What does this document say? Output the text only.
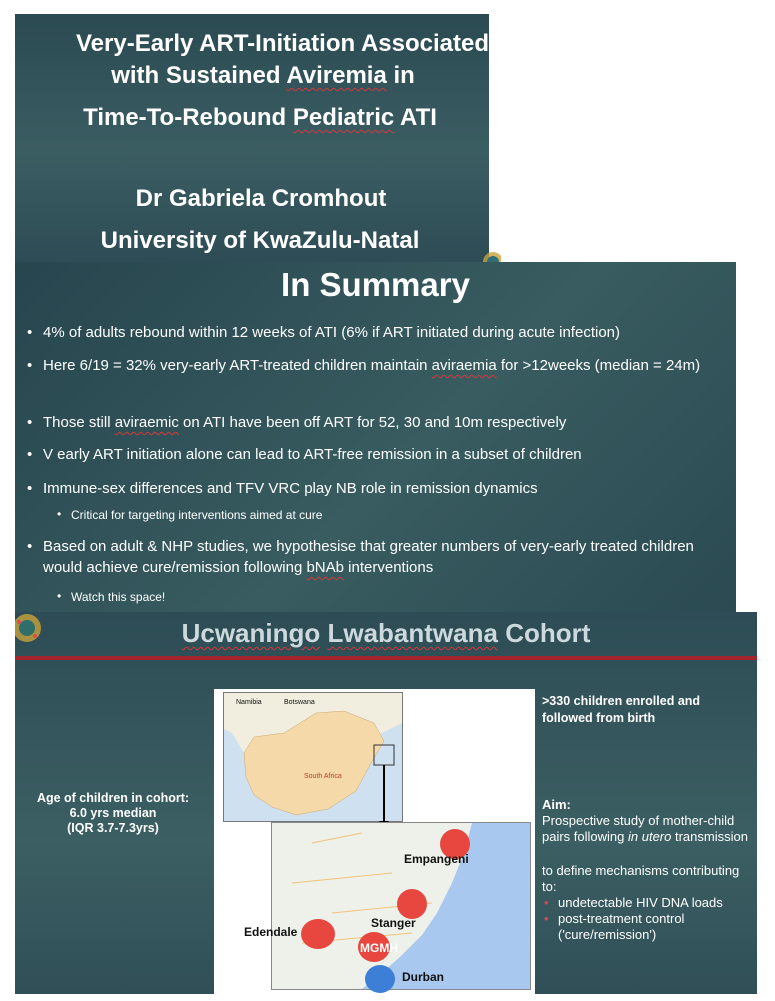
Very-Early ART-Initiation Associated
with Sustained Aviremia in
Time-To-Rebound Pediatric ATI
Dr Gabriela Cromhout
University of KwaZulu-Natal
In Summary
• 4% of adults rebound within 12 weeks of ATI (6% if ART initiated during acute infection)
• Here 6/19 = 32% very-early ART-treated children maintain aviraemia for >12weeks (median = 24m)
• Those still aviraemic on ATI have been off ART for 52, 30 and 10m respectively
• V early ART initiation alone can lead to ART-free remission in a subset of children
• Immune-sex differences and TFV VRC play NB role in remission dynamics
• Critical for targeting interventions aimed at cure
• Based on adult & NHP studies, we hypothesise that greater numbers of very-early treated children would achieve cure/remission following bNAb interventions
• Watch this space!
Ucwaningo Lwabantwana Cohort
Age of children in cohort:
6.0 yrs median
(IQR 3.7-7.3yrs)
Namibia	Botswana
South Africa
Empangeni
Stanger
Edendale
MGMH
Durban
>330 children enrolled and followed from birth
Aim:
Prospective study of mother-child pairs following in utero transmission
to define mechanisms contributing to:
• undetectable HIV DNA loads
• post-treatment control
('cure/remission')
